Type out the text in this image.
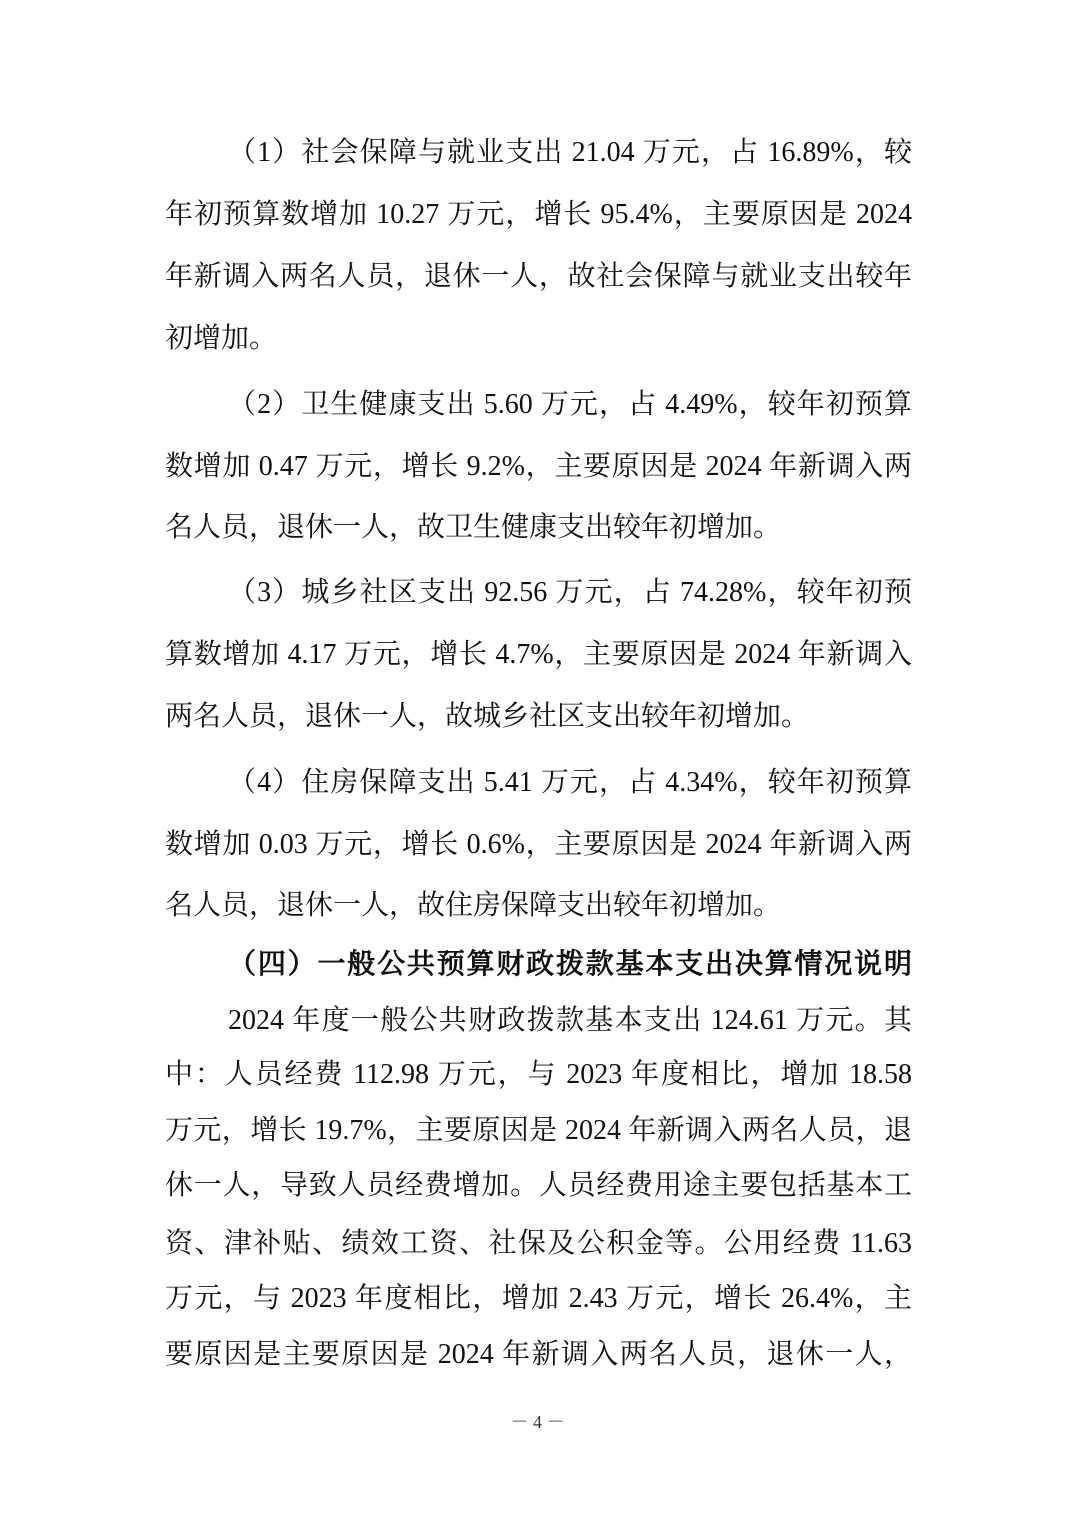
（1）社会保障与就业支出 21.04 万元，占 16.89%，较
年初预算数增加 10.27 万元，增长 95.4%，主要原因是 2024
年新调入两名人员，退休一人，故社会保障与就业支出较年
初增加。
（2）卫生健康支出 5.60 万元，占 4.49%，较年初预算
数增加 0.47 万元，增长 9.2%，主要原因是 2024 年新调入两
名人员，退休一人，故卫生健康支出较年初增加。
（3）城乡社区支出 92.56 万元，占 74.28%，较年初预
算数增加 4.17 万元，增长 4.7%，主要原因是 2024 年新调入
两名人员，退休一人，故城乡社区支出较年初增加。
（4）住房保障支出 5.41 万元，占 4.34%，较年初预算
数增加 0.03 万元，增长 0.6%，主要原因是 2024 年新调入两
名人员，退休一人，故住房保障支出较年初增加。
（四）一般公共预算财政拨款基本支出决算情况说明
2024 年度一般公共财政拨款基本支出 124.61 万元。其
中：人员经费 112.98 万元，与 2023 年度相比，增加 18.58
万元，增长 19.7%，主要原因是 2024 年新调入两名人员，退
休一人，导致人员经费增加。人员经费用途主要包括基本工
资、津补贴、绩效工资、社保及公积金等。公用经费 11.63
万元，与 2023 年度相比，增加 2.43 万元，增长 26.4%，主
要原因是主要原因是 2024 年新调入两名人员，退休一人，
－ 4 －
